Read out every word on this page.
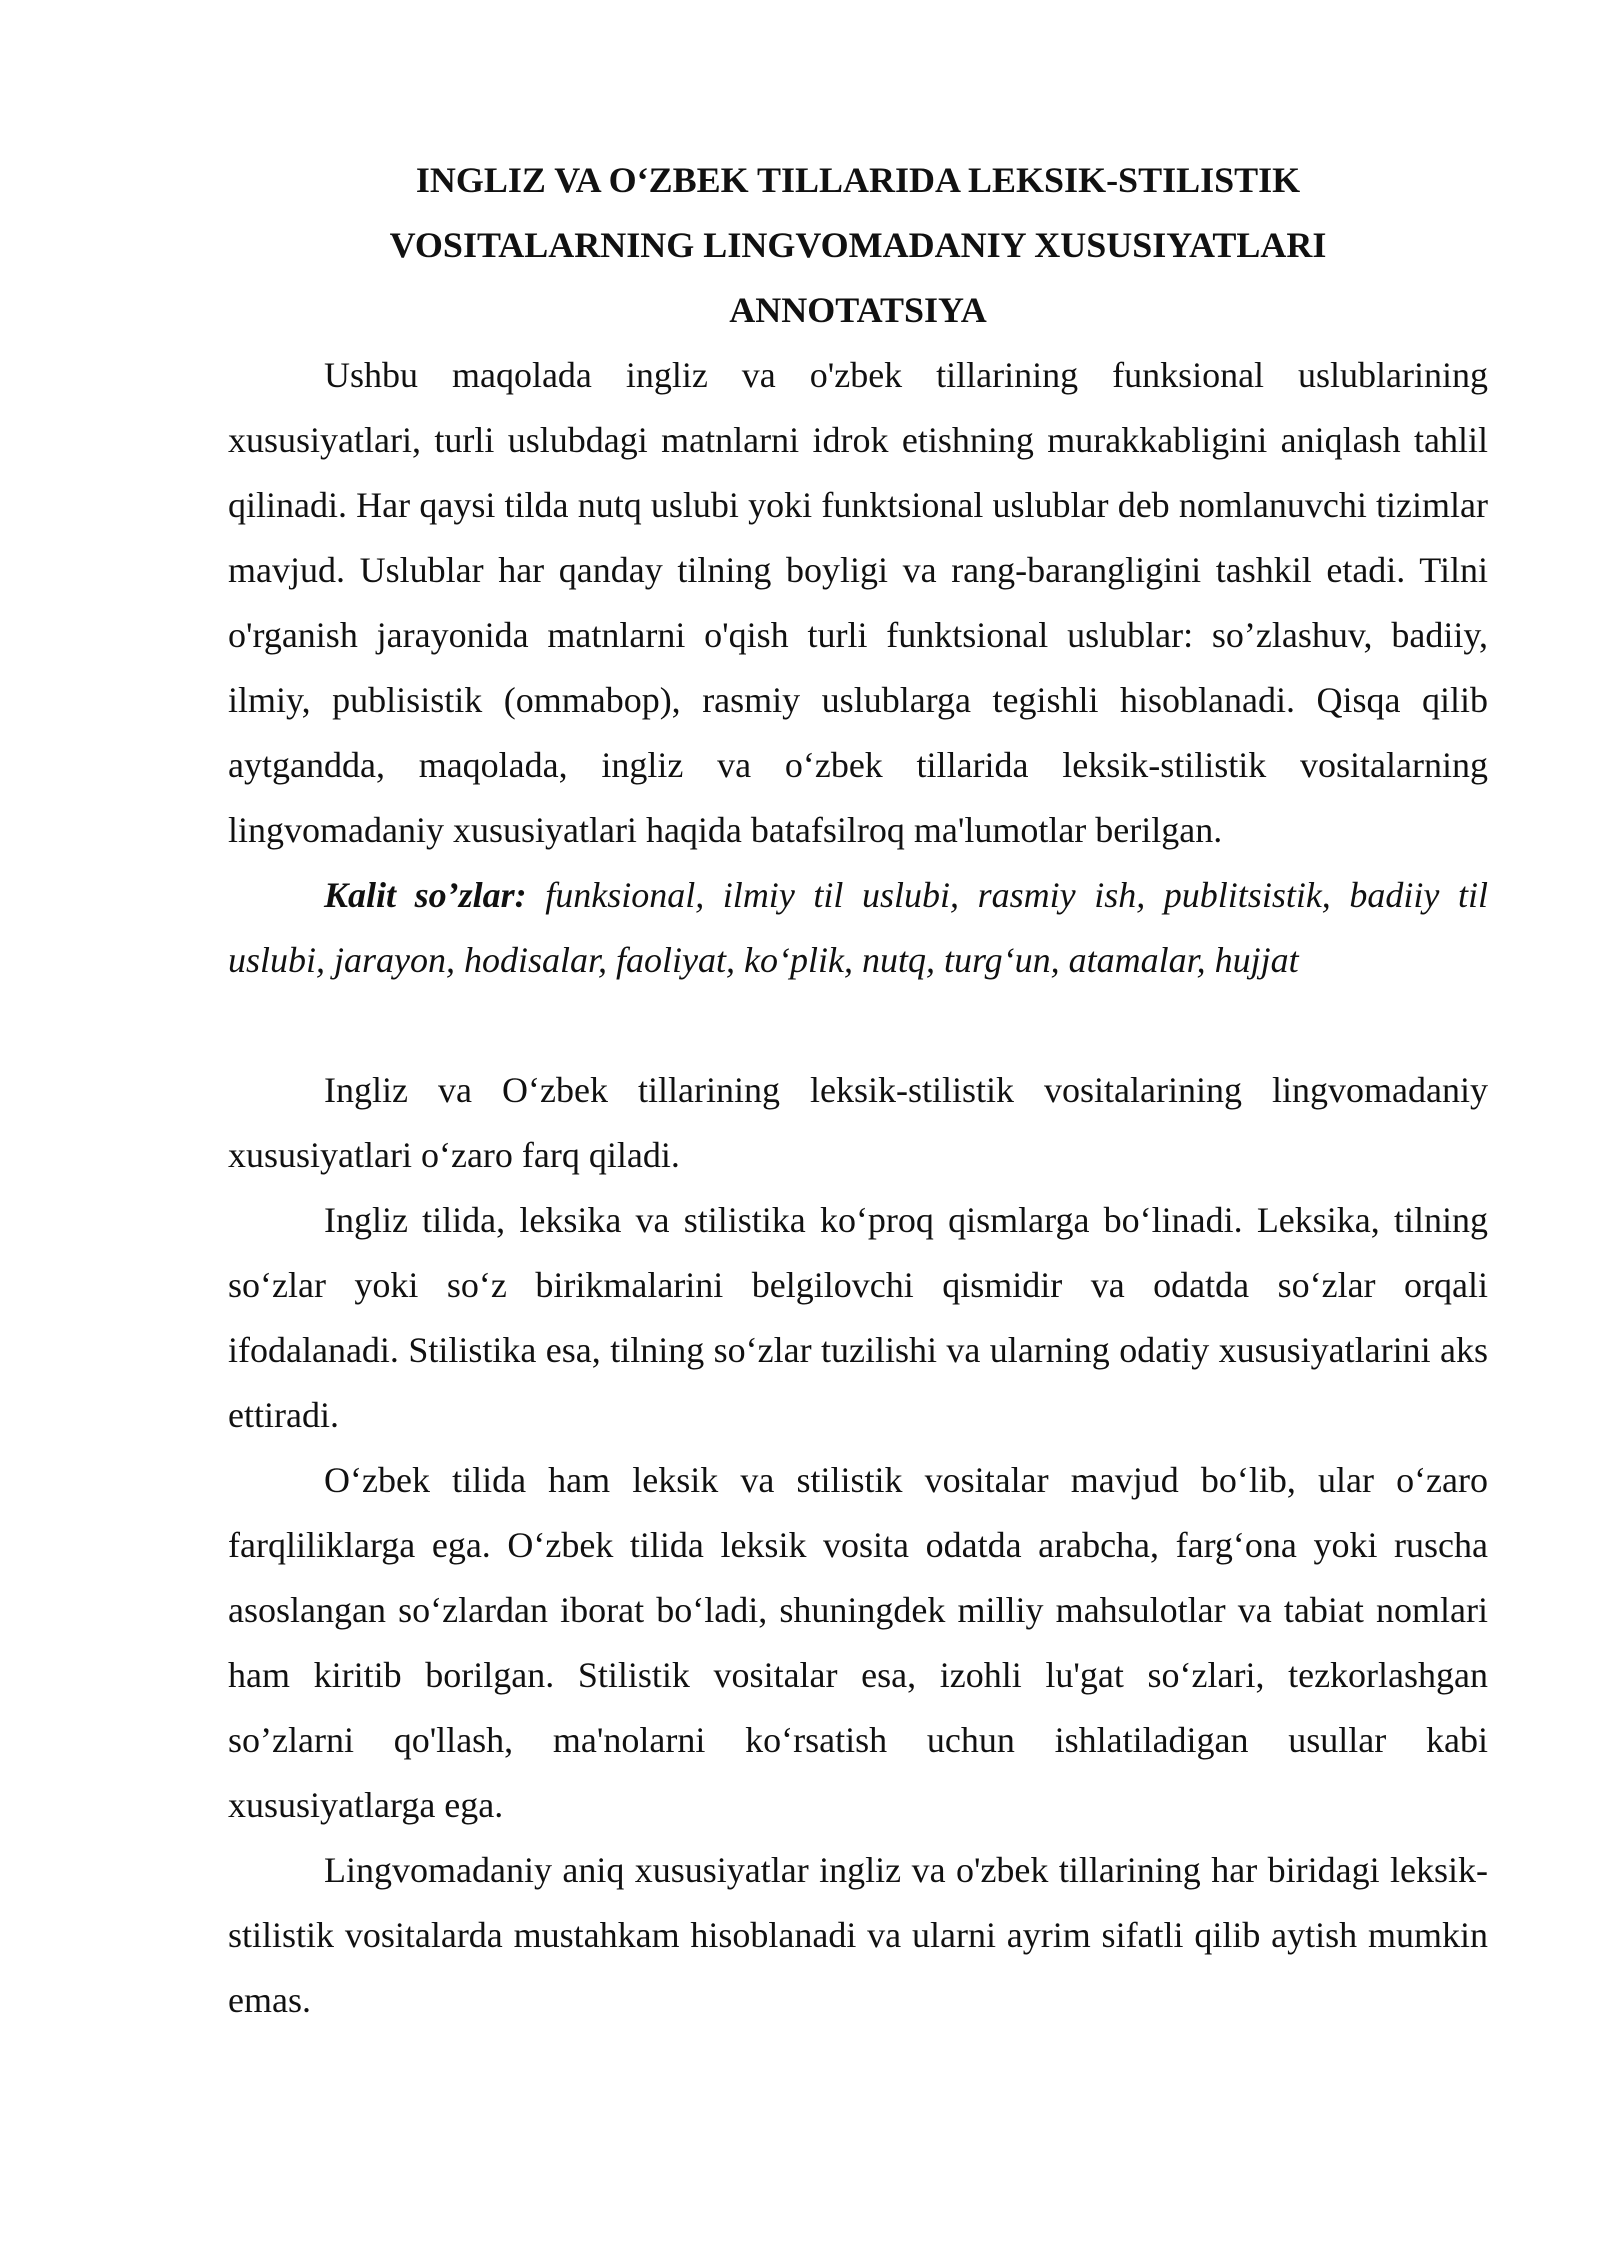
INGLIZ VA O‘ZBEK TILLARIDA LEKSIK-STILISTIK

VOSITALARNING LINGVOMADANIY XUSUSIYATLARI

ANNOTATSIYA

Ushbu maqolada ingliz va o'zbek tillarining funksional uslublarining xususiyatlari, turli uslubdagi matnlarni idrok etishning murakkabligini aniqlash tahlil qilinadi. Har qaysi tilda nutq uslubi yoki funktsional uslublar deb nomlanuvchi tizimlar mavjud. Uslublar har qanday tilning boyligi va rang-barangligini tashkil etadi. Tilni o'rganish jarayonida matnlarni o'qish turli funktsional uslublar: so’zlashuv, badiiy, ilmiy, publisistik (ommabop), rasmiy uslublarga tegishli hisoblanadi. Qisqa qilib aytgandda, maqolada, ingliz va o‘zbek tillarida leksik-stilistik vositalarning lingvomadaniy xususiyatlari haqida batafsilroq ma'lumotlar berilgan.

Kalit so’zlar: funksional, ilmiy til uslubi, rasmiy ish, publitsistik, badiiy til uslubi, jarayon, hodisalar, faoliyat, ko‘plik, nutq, turg‘un, atamalar, hujjat

Ingliz va O‘zbek tillarining leksik-stilistik vositalarining lingvomadaniy xususiyatlari o‘zaro farq qiladi.

Ingliz tilida, leksika va stilistika ko‘proq qismlarga bo‘linadi. Leksika, tilning so‘zlar yoki so‘z birikmalarini belgilovchi qismidir va odatda so‘zlar orqali ifodalanadi. Stilistika esa, tilning so‘zlar tuzilishi va ularning odatiy xususiyatlarini aks ettiradi.

O‘zbek tilida ham leksik va stilistik vositalar mavjud bo‘lib, ular o‘zaro farqliliklarga ega. O‘zbek tilida leksik vosita odatda arabcha, farg‘ona yoki ruscha asoslangan so‘zlardan iborat bo‘ladi, shuningdek milliy mahsulotlar va tabiat nomlari ham kiritib borilgan. Stilistik vositalar esa, izohli lu'gat so‘zlari, tezkorlashgan so’zlarni qo'llash, ma'nolarni ko‘rsatish uchun ishlatiladigan usullar kabi xususiyatlarga ega.

Lingvomadaniy aniq xususiyatlar ingliz va o'zbek tillarining har biridagi leksik-stilistik vositalarda mustahkam hisoblanadi va ularni ayrim sifatli qilib aytish mumkin emas.
